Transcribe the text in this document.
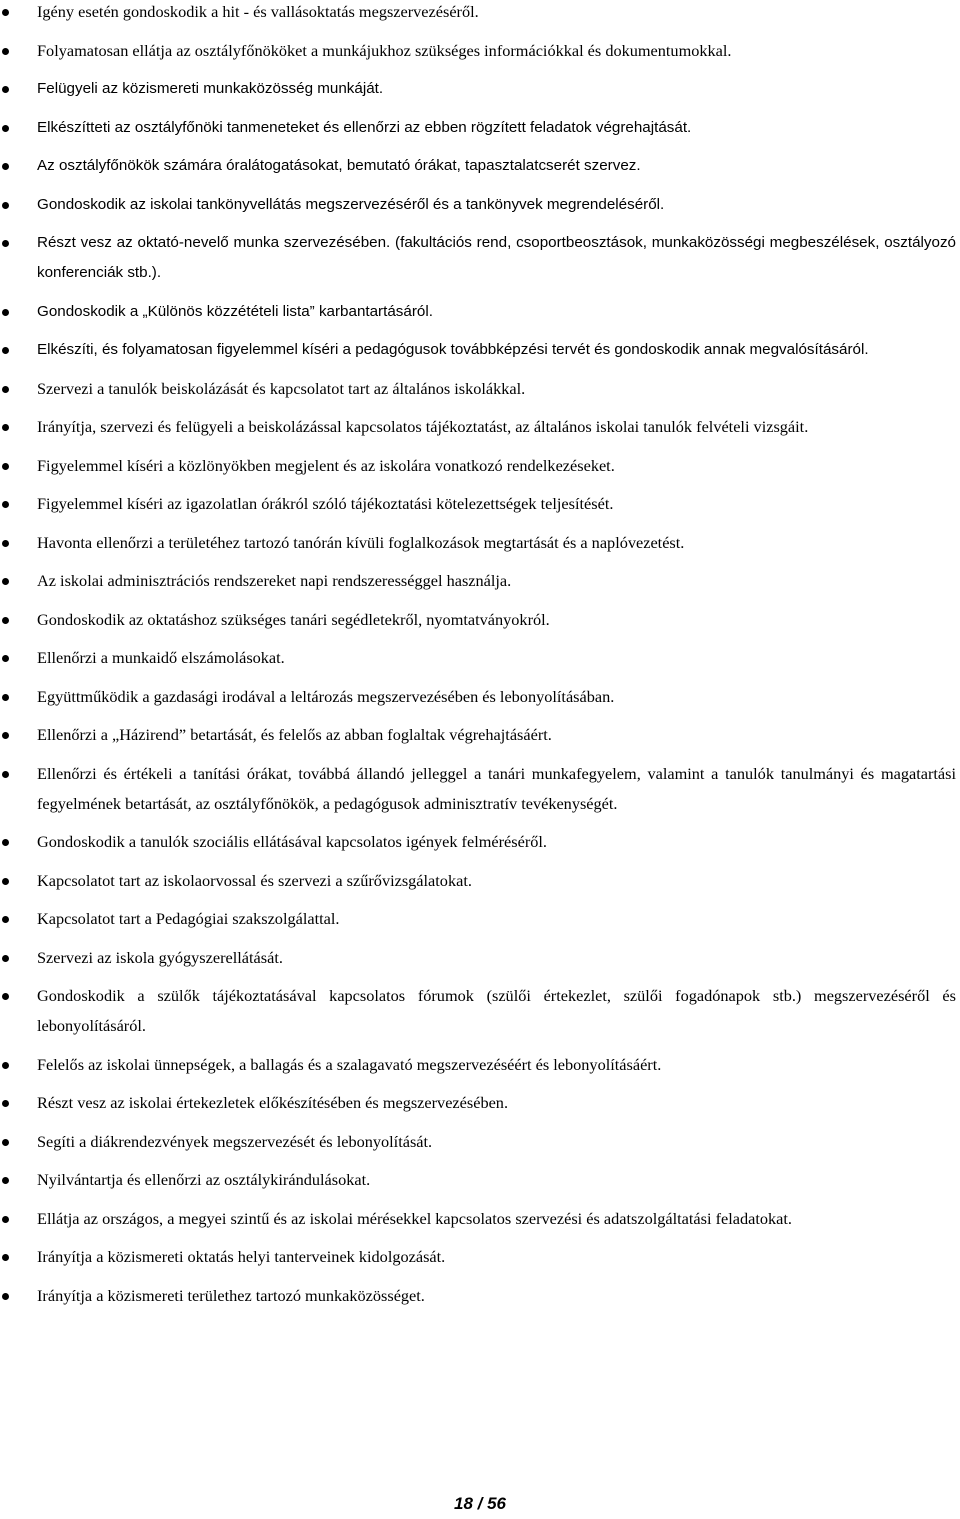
Igény esetén gondoskodik a hit - és vallásoktatás megszervezéséről.
Folyamatosan ellátja az osztályfőnököket a munkájukhoz szükséges információkkal és dokumentumokkal.
Felügyeli az közismereti munkaközösség munkáját.
Elkészítteti az osztályfőnöki tanmeneteket és ellenőrzi az ebben rögzített feladatok végrehajtását.
Az osztályfőnökök számára óralátogatásokat, bemutató órákat, tapasztalatcserét szervez.
Gondoskodik az iskolai tankönyvellátás megszervezéséről és a tankönyvek megrendeléséről.
Részt vesz az oktató-nevelő munka szervezésében. (fakultációs rend, csoportbeosztások, munkaközösségi megbeszélések, osztályozó konferenciák stb.).
Gondoskodik a „Különös közzétételi lista” karbantartásáról.
Elkészíti, és folyamatosan figyelemmel kíséri a pedagógusok továbbképzési tervét és gondoskodik annak megvalósításáról.
Szervezi a tanulók beiskolázását és kapcsolatot tart az általános iskolákkal.
Irányítja, szervezi és felügyeli a beiskolázással kapcsolatos tájékoztatást, az általános iskolai tanulók felvételi vizsgáit.
Figyelemmel kíséri a közlönyökben megjelent és az iskolára vonatkozó rendelkezéseket.
Figyelemmel kíséri az igazolatlan órákról szóló tájékoztatási kötelezettségek teljesítését.
Havonta ellenőrzi a területéhez tartozó tanórán kívüli foglalkozások megtartását és a naplóvezetést.
Az iskolai adminisztrációs rendszereket napi rendszerességgel használja.
Gondoskodik az oktatáshoz szükséges tanári segédletekről, nyomtatványokról.
Ellenőrzi a munkaidő elszámolásokat.
Együttműködik a gazdasági irodával a leltározás megszervezésében és lebonyolításában.
Ellenőrzi a „Házirend” betartását, és felelős az abban foglaltak végrehajtásáért.
Ellenőrzi és értékeli a tanítási órákat, továbbá állandó jelleggel a tanári munkafegyelem, valamint a tanulók tanulmányi és magatartási fegyelmének betartását, az osztályfőnökök, a pedagógusok adminisztratív tevékenységét.
Gondoskodik a tanulók szociális ellátásával kapcsolatos igények felméréséről.
Kapcsolatot tart az iskolaorvossal és szervezi a szűrővizsgálatokat.
Kapcsolatot tart a Pedagógiai szakszolgálattal.
Szervezi az iskola gyógyszerellátását.
Gondoskodik a szülők tájékoztatásával kapcsolatos fórumok (szülői értekezlet, szülői fogadónapok stb.) megszervezéséről és lebonyolításáról.
Felelős az iskolai ünnepségek, a ballagás és a szalagavató megszervezéséért és lebonyolításáért.
Részt vesz az iskolai értekezletek előkészítésében és megszervezésében.
Segíti a diákrendezvények megszervezését és lebonyolítását.
Nyilvántartja és ellenőrzi az osztálykirándulásokat.
Ellátja az országos, a megyei szintű és az iskolai mérésekkel kapcsolatos szervezési és adatszolgáltatási feladatokat.
Irányítja a közismereti oktatás helyi tanterveinek kidolgozását.
Irányítja a közismereti területhez tartozó munkaközösséget.
18 / 56
